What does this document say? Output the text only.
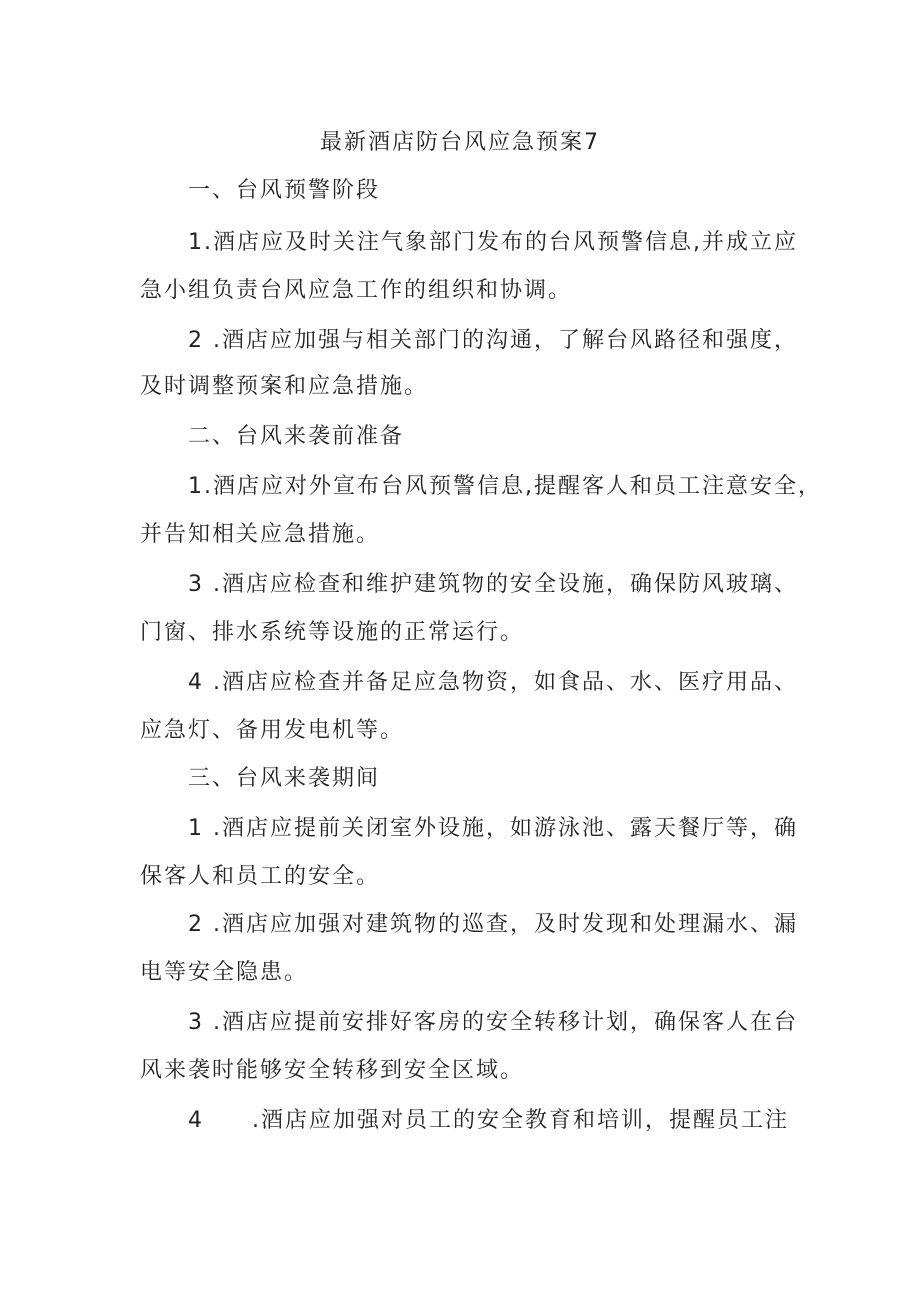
最新酒店防台风应急预案7
一、台风预警阶段
1.酒店应及时关注气象部门发布的台风预警信息,并成立应
急小组负责台风应急工作的组织和协调。
2 .酒店应加强与相关部门的沟通，了解台风路径和强度，
及时调整预案和应急措施。
二、台风来袭前准备
1.酒店应对外宣布台风预警信息,提醒客人和员工注意安全，
并告知相关应急措施。
3 .酒店应检查和维护建筑物的安全设施，确保防风玻璃、
门窗、排水系统等设施的正常运行。
4 .酒店应检查并备足应急物资，如食品、水、医疗用品、
应急灯、备用发电机等。
三、台风来袭期间
1 .酒店应提前关闭室外设施，如游泳池、露天餐厅等，确
保客人和员工的安全。
2 .酒店应加强对建筑物的巡查，及时发现和处理漏水、漏
电等安全隐患。
3 .酒店应提前安排好客房的安全转移计划，确保客人在台
风来袭时能够安全转移到安全区域。
4　　.酒店应加强对员工的安全教育和培训，提醒员工注
